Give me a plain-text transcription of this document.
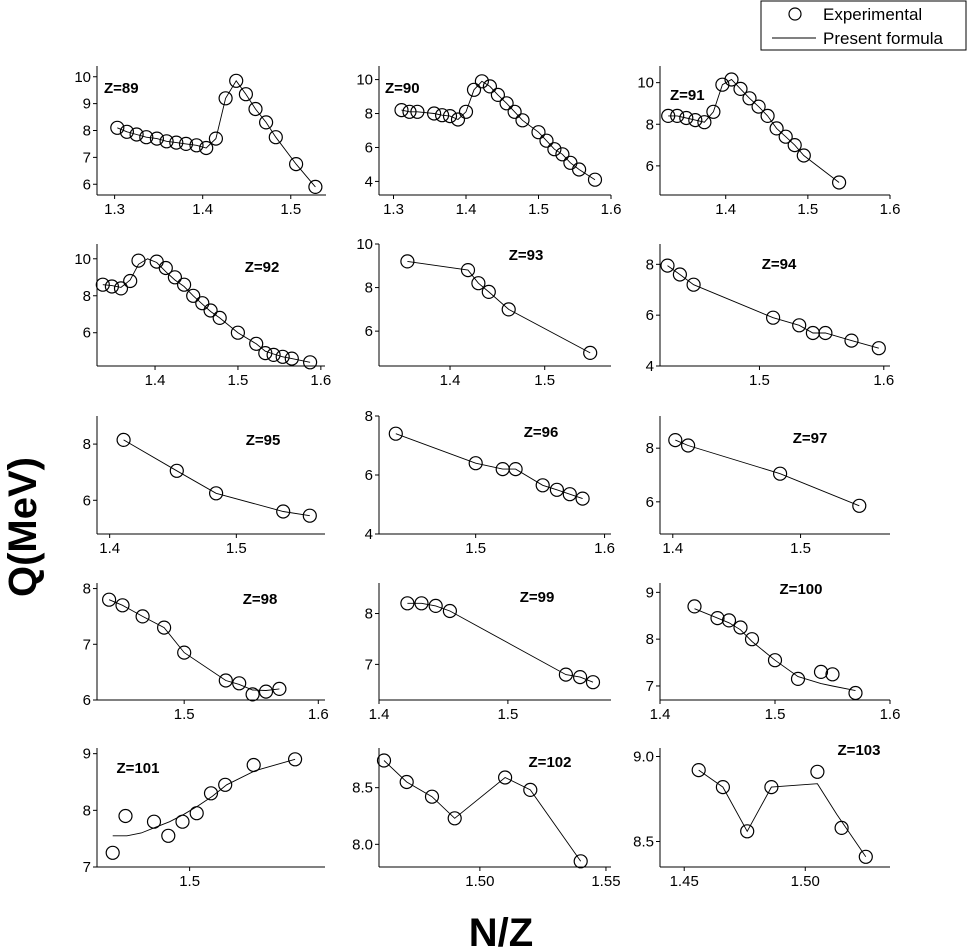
Experimental
Present formula
Q(MeV)
N/Z
1.3	1.4	1.5
6
7
8
9
10
Z=89
1.3	1.4	1.5	1.6
4
6
8
10 Z=90
1.4	1.5	1.6
6
8
10
Z=91
1.4	1.5	1.6
6
8
10	Z=92
1.4	1.5
6
8
10
Z=93
1.5	1.6
4
6
8	Z=94
1.4	1.5
6
8	Z=95
1.5	1.6
4
6
8
Z=96
1.4	1.5
6
8
Z=97
1.5	1.6
6
7
8
Z=98
1.4	1.5
7
8
Z=99
1.4	1.5	1.6
7
8
9	Z=100
1.5
7
8
9
Z=101
1.50	1.55
8.0
8.5
Z=102
1.45	1.50
8.5
9.0	Z=103
